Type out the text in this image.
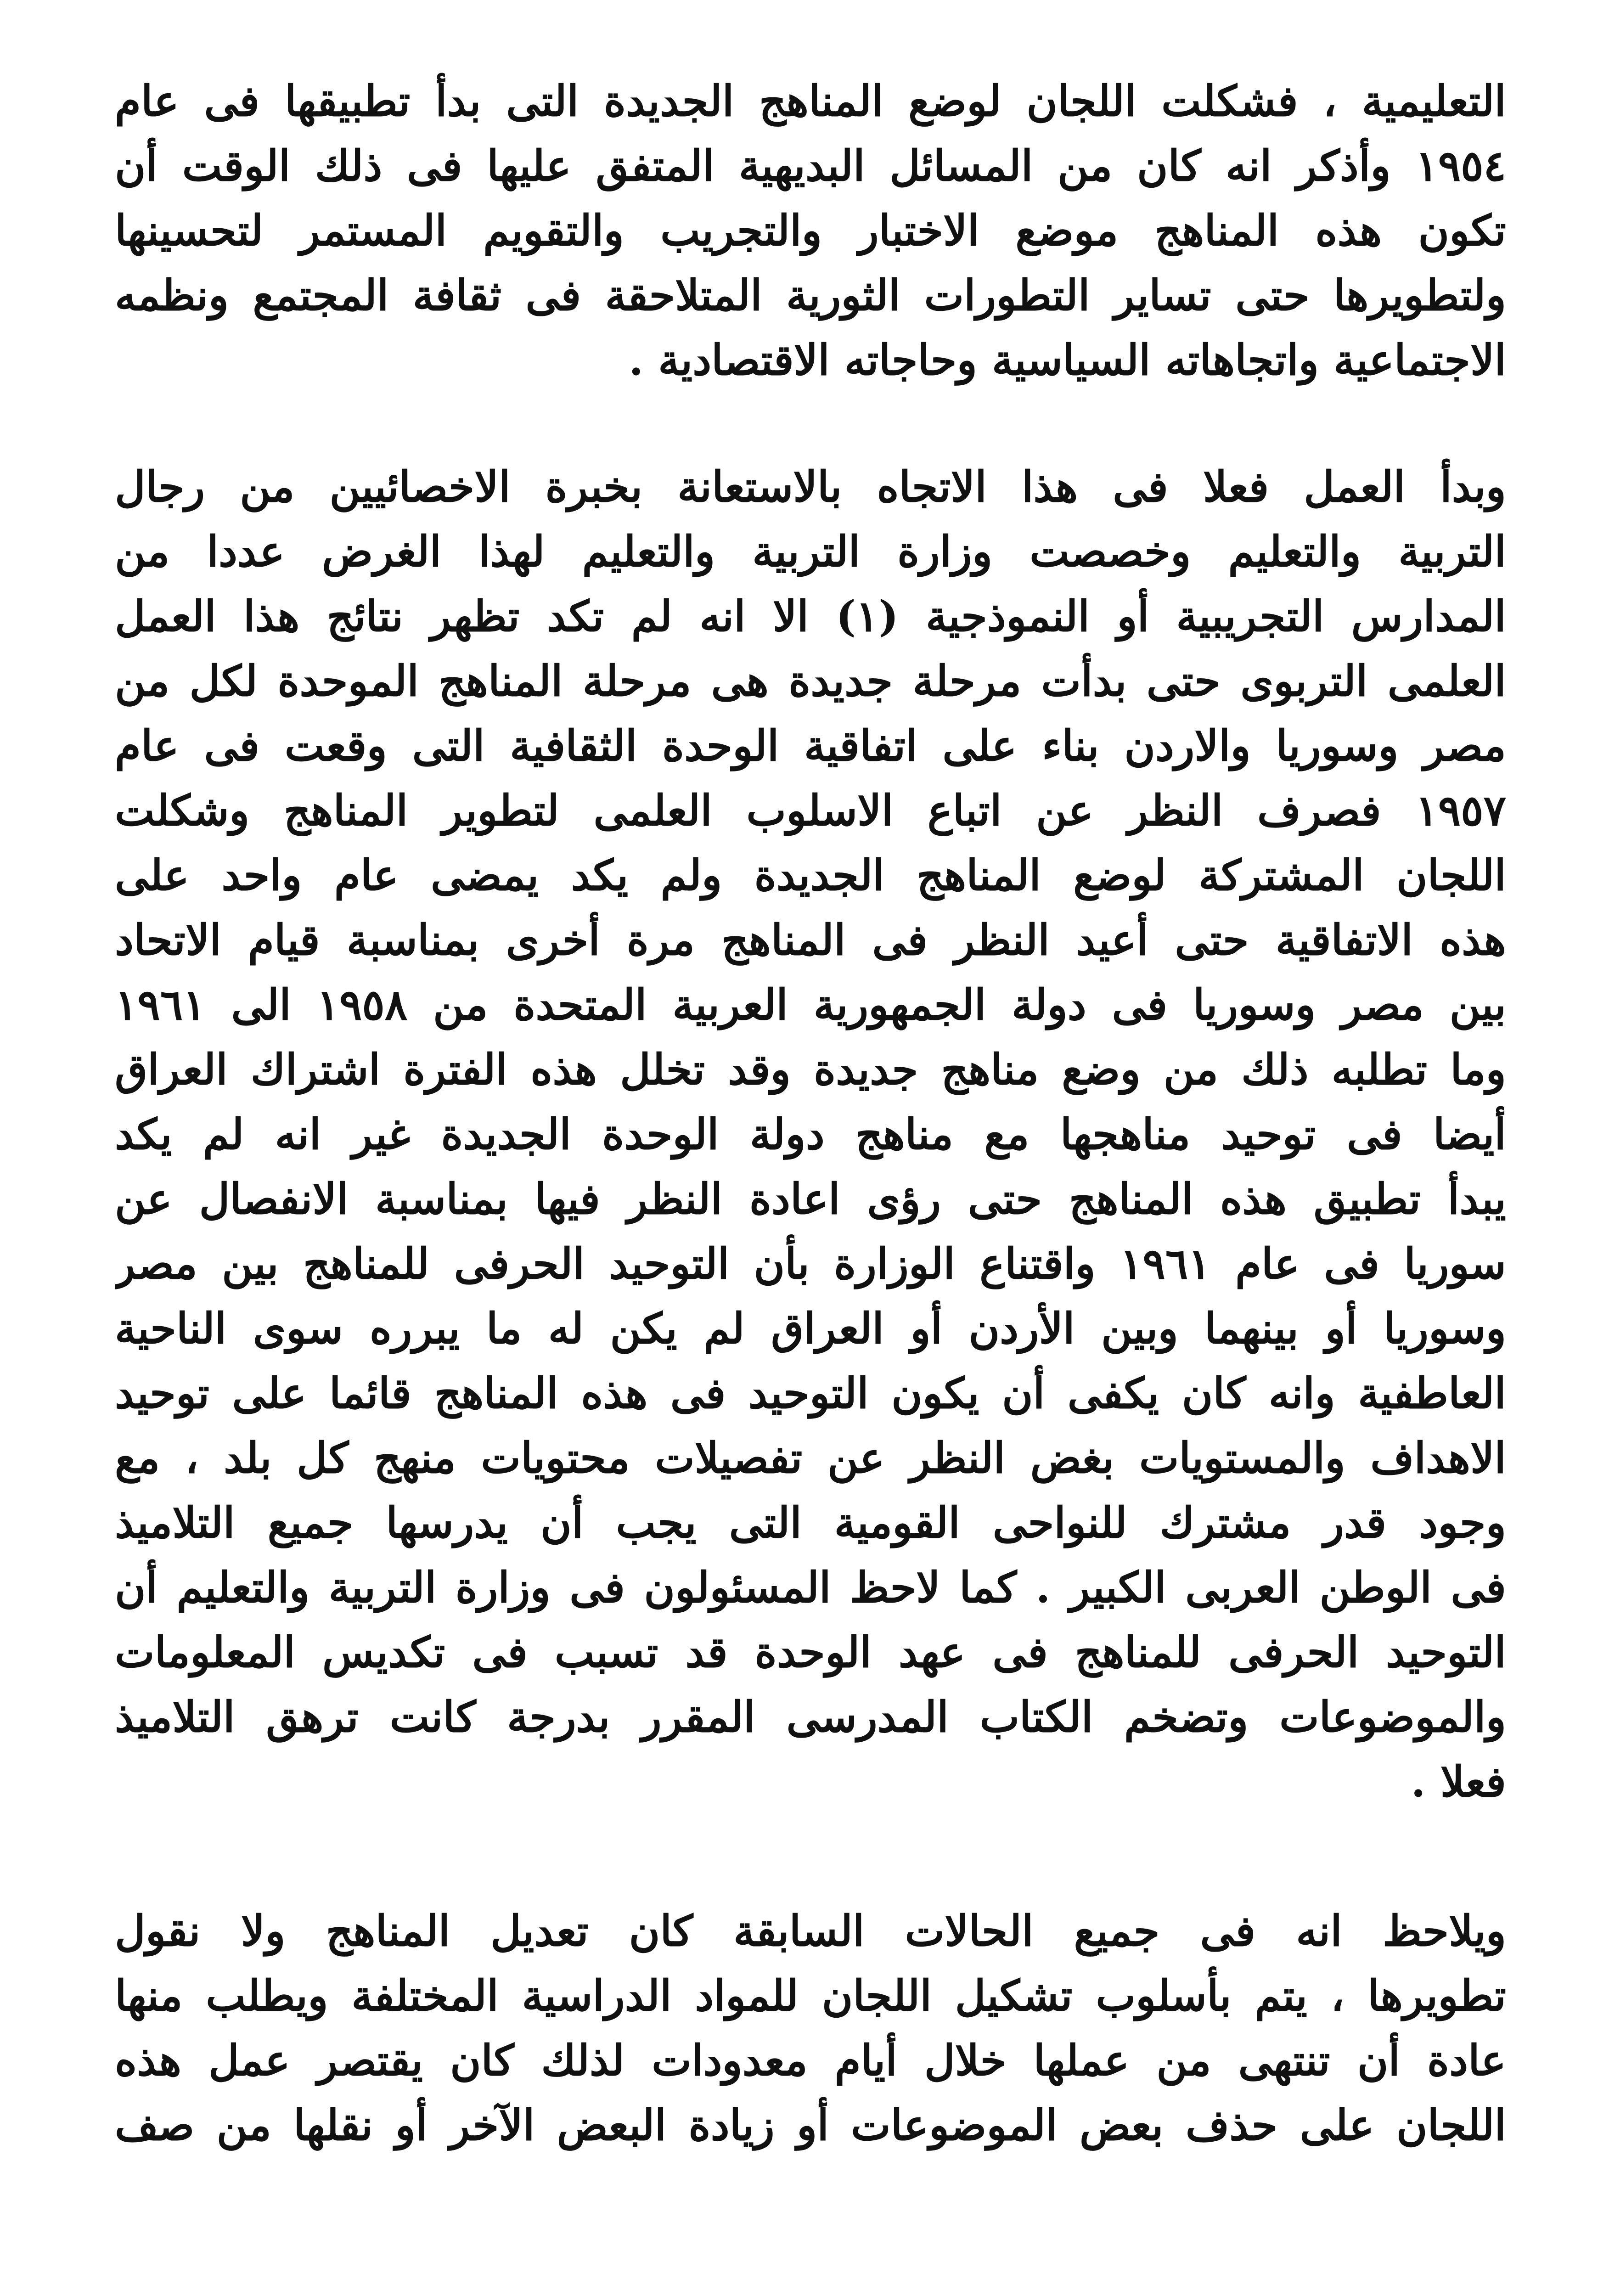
التعليمية ، فشكلت اللجان لوضع المناهج الجديدة التى بدأ تطبيقها فى عام
١٩٥٤ وأذكر انه كان من المسائل البديهية المتفق عليها فى ذلك الوقت أن
تكون هذه المناهج موضع الاختبار والتجريب والتقويم المستمر لتحسينها
ولتطويرها حتى تساير التطورات الثورية المتلاحقة فى ثقافة المجتمع ونظمه
الاجتماعية واتجاهاته السياسية وحاجاته الاقتصادية .
وبدأ العمل فعلا فى هذا الاتجاه بالاستعانة بخبرة الاخصائيين من رجال
التربية والتعليم وخصصت وزارة التربية والتعليم لهذا الغرض عددا من
المدارس التجريبية أو النموذجية (١) الا انه لم تكد تظهر نتائج هذا العمل
العلمى التربوى حتى بدأت مرحلة جديدة هى مرحلة المناهج الموحدة لكل من
مصر وسوريا والاردن بناء على اتفاقية الوحدة الثقافية التى وقعت فى عام
١٩٥٧ فصرف النظر عن اتباع الاسلوب العلمى لتطوير المناهج وشكلت
اللجان المشتركة لوضع المناهج الجديدة ولم يكد يمضى عام واحد على
هذه الاتفاقية حتى أعيد النظر فى المناهج مرة أخرى بمناسبة قيام الاتحاد
بين مصر وسوريا فى دولة الجمهورية العربية المتحدة من ١٩٥٨ الى ١٩٦١
وما تطلبه ذلك من وضع مناهج جديدة وقد تخلل هذه الفترة اشتراك العراق
أيضا فى توحيد مناهجها مع مناهج دولة الوحدة الجديدة غير انه لم يكد
يبدأ تطبيق هذه المناهج حتى رؤى اعادة النظر فيها بمناسبة الانفصال عن
سوريا فى عام ١٩٦١ واقتناع الوزارة بأن التوحيد الحرفى للمناهج بين مصر
وسوريا أو بينهما وبين الأردن أو العراق لم يكن له ما يبرره سوى الناحية
العاطفية وانه كان يكفى أن يكون التوحيد فى هذه المناهج قائما على توحيد
الاهداف والمستويات بغض النظر عن تفصيلات محتويات منهج كل بلد ، مع
وجود قدر مشترك للنواحى القومية التى يجب أن يدرسها جميع التلاميذ
فى الوطن العربى الكبير . كما لاحظ المسئولون فى وزارة التربية والتعليم أن
التوحيد الحرفى للمناهج فى عهد الوحدة قد تسبب فى تكديس المعلومات
والموضوعات وتضخم الكتاب المدرسى المقرر بدرجة كانت ترهق التلاميذ
فعلا .
ويلاحظ انه فى جميع الحالات السابقة كان تعديل المناهج ولا نقول
تطويرها ، يتم بأسلوب تشكيل اللجان للمواد الدراسية المختلفة ويطلب منها
عادة أن تنتهى من عملها خلال أيام معدودات لذلك كان يقتصر عمل هذه
اللجان على حذف بعض الموضوعات أو زيادة البعض الآخر أو نقلها من صف
